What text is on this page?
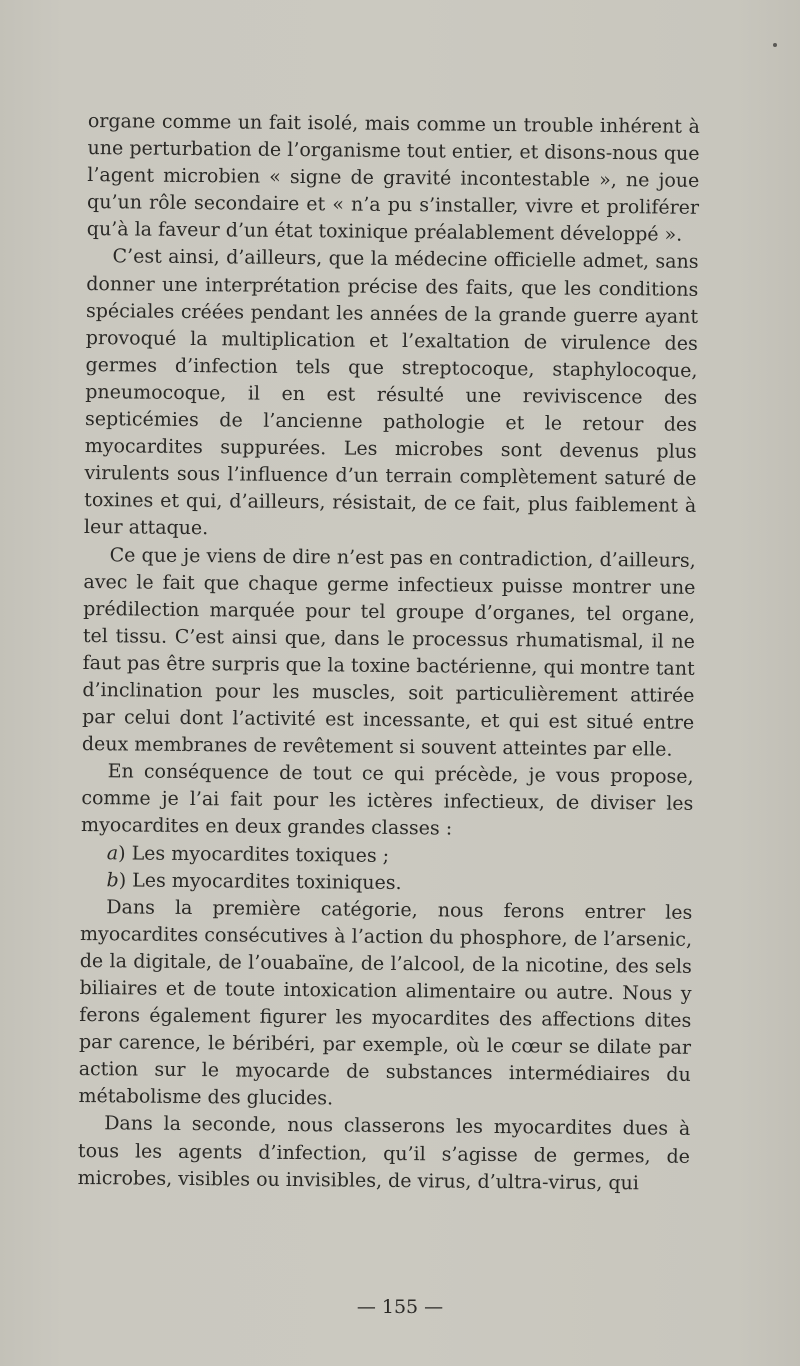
organe comme un fait isolé, mais comme un trouble inhérent à une perturbation de l’organisme tout entier, et disons-nous que l’agent microbien « signe de gravité incontestable », ne joue qu’un rôle secondaire et « n’a pu s’installer, vivre et proliférer qu’à la faveur d’un état toxinique préalablement développé ».

C’est ainsi, d’ailleurs, que la médecine officielle admet, sans donner une interprétation précise des faits, que les conditions spéciales créées pendant les années de la grande guerre ayant provoqué la multiplication et l’exaltation de virulence des germes d’infection tels que streptocoque, staphylocoque, pneumocoque, il en est résulté une reviviscence des septicémies de l’ancienne pathologie et le retour des myocardites suppurées. Les microbes sont devenus plus virulents sous l’influence d’un terrain complètement saturé de toxines et qui, d’ailleurs, résistait, de ce fait, plus faiblement à leur attaque.

Ce que je viens de dire n’est pas en contradiction, d’ailleurs, avec le fait que chaque germe infectieux puisse montrer une prédilection marquée pour tel groupe d’organes, tel organe, tel tissu. C’est ainsi que, dans le processus rhumatismal, il ne faut pas être surpris que la toxine bactérienne, qui montre tant d’inclination pour les muscles, soit particulièrement attirée par celui dont l’activité est incessante, et qui est situé entre deux membranes de revêtement si souvent atteintes par elle.

En conséquence de tout ce qui précède, je vous propose, comme je l’ai fait pour les ictères infectieux, de diviser les myocardites en deux grandes classes :

a) Les myocardites toxiques ;

b) Les myocardites toxiniques.

Dans la première catégorie, nous ferons entrer les myocardites consécutives à l’action du phosphore, de l’arsenic, de la digitale, de l’ouabaïne, de l’alcool, de la nicotine, des sels biliaires et de toute intoxication alimentaire ou autre. Nous y ferons également figurer les myocardites des affections dites par carence, le béribéri, par exemple, où le cœur se dilate par action sur le myocarde de substances intermédiaires du métabolisme des glucides.

Dans la seconde, nous classerons les myocardites dues à tous les agents d’infection, qu’il s’agisse de germes, de microbes, visibles ou invisibles, de virus, d’ultra-virus, qui

— 155 —
